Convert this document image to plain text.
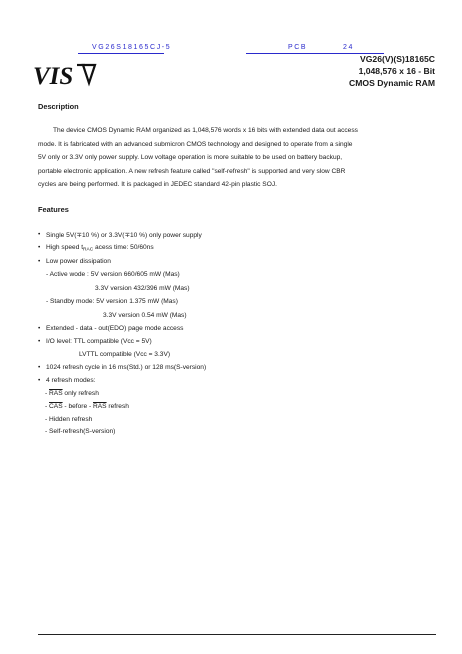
VG26S18165CJ-5	PCB	24
VIS
VG26(V)(S)18165C
1,048,576 x 16 - Bit
CMOS Dynamic RAM
Description
The device CMOS Dynamic RAM organized as 1,048,576 words x 16 bits with extended data out access
mode. It is fabricated with an advanced submicron CMOS technology and designed to operate from a single
5V only or 3.3V only power supply. Low voltage operation is more suitable to be used on battery backup,
portable electronic application. A new refresh feature called "self-refresh" is supported and very slow CBR
cycles are being performed. It is packaged in JEDEC standard 42-pin plastic SOJ.
Features
• Single 5V(∓10 %) or 3.3V(∓10 %) only power supply
• High speed $t_{RAC}$ acess time: 50/60ns
• Low power dissipation
- Active wode : 5V version 660/605 mW (Mas)
3.3V version 432/396 mW (Mas)
- Standby mode: 5V version 1.375 mW (Mas)
3.3V version 0.54 mW (Mas)
• Extended - data - out(EDO) page mode access
• I/O level: TTL compatible (Vcc = 5V)
LVTTL compatible (Vcc = 3.3V)
• 1024 refresh cycle in 16 ms(Std.) or 128 ms(S-version)
• 4 refresh modes:
- $\overline{RAS}$ only refresh
- $\overline{CAS}$ - before - $\overline{RAS}$ refresh
- Hidden refresh
- Self-refresh(S-version)
